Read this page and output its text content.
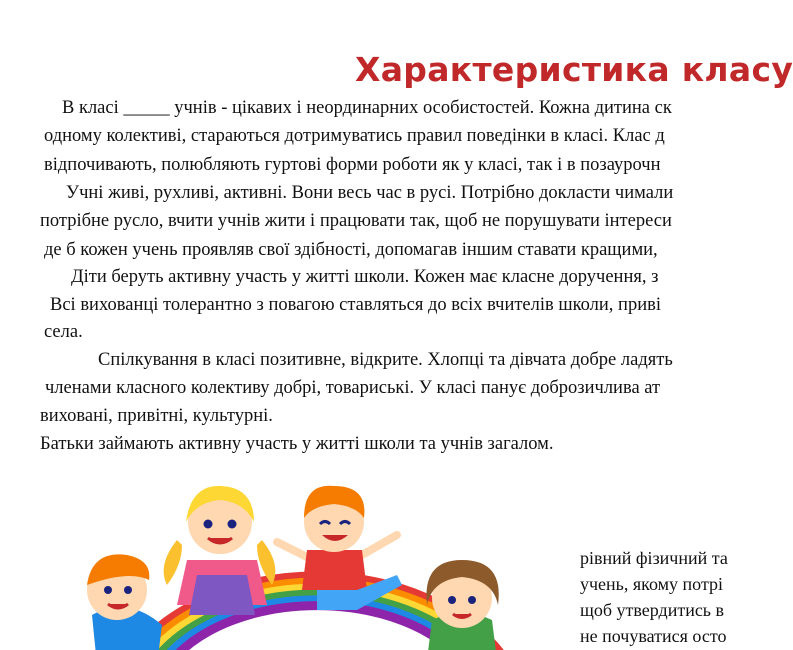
Характеристика класу
В класі _____ учнів - цікавих і неординарних особистостей. Кожна дитина ск
одному колективі, стараються дотримуватись правил поведінки в класі. Клас д
відпочивають, полюбляють гуртові форми роботи як у класі, так і в позаурочн
Учні живі, рухливі, активні. Вони весь час в русі. Потрібно докласти чимали
потрібне русло, вчити учнів жити і працювати так, щоб не порушувати інтереси
де б кожен учень проявляв свої здібності, допомагав іншим ставати кращими,
Діти беруть активну участь у житті школи. Кожен має класне доручення, з
Всі вихованці толерантно з повагою ставляться до всіх вчителів школи, приві
села.
Спілкування в класі позитивне, відкрите. Хлопці та дівчата добре ладять
членами класного колективу добрі, товариські. У класі панує доброзичлива ат
виховані, привітні, культурні.
Батьки займають активну участь у житті школи та учнів загалом.
рівний фізичний та
учень, якому потрі
щоб утвердитись в
не почуватися осто
